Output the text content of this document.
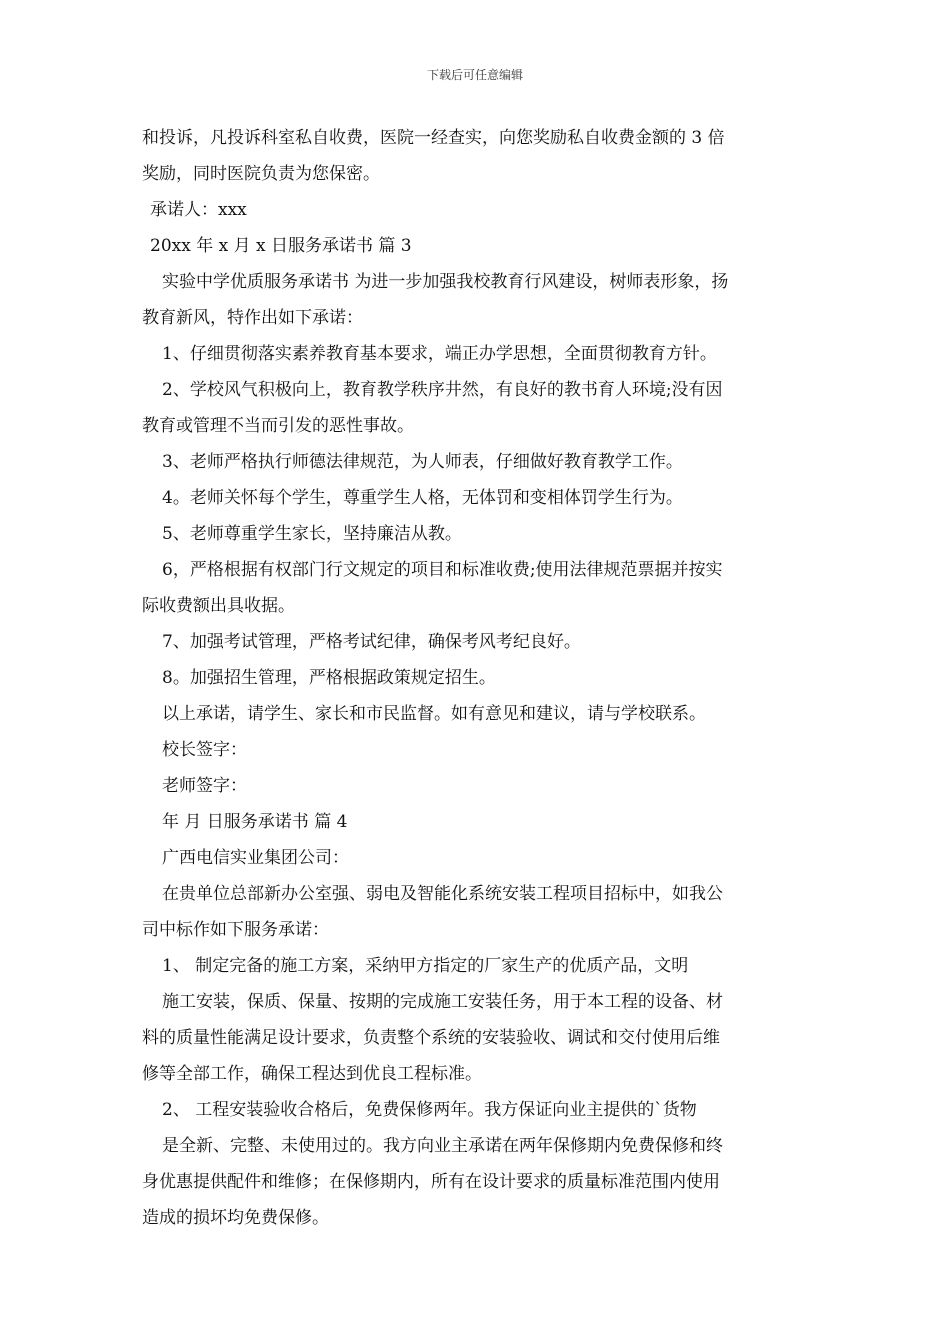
下载后可任意编辑
和投诉，凡投诉科室私自收费，医院一经查实，向您奖励私自收费金额的 3 倍
奖励，同时医院负责为您保密。
承诺人：xxx
20xx 年 x 月 x 日服务承诺书 篇 3
实验中学优质服务承诺书 为进一步加强我校教育行风建设，树师表形象，扬
教育新风，特作出如下承诺：
1、仔细贯彻落实素养教育基本要求，端正办学思想，全面贯彻教育方针。
2、学校风气积极向上，教育教学秩序井然，有良好的教书育人环境;没有因
教育或管理不当而引发的恶性事故。
3、老师严格执行师德法律规范，为人师表，仔细做好教育教学工作。
4。老师关怀每个学生，尊重学生人格，无体罚和变相体罚学生行为。
5、老师尊重学生家长，坚持廉洁从教。
6，严格根据有权部门行文规定的项目和标准收费;使用法律规范票据并按实
际收费额出具收据。
7、加强考试管理，严格考试纪律，确保考风考纪良好。
8。加强招生管理，严格根据政策规定招生。
以上承诺，请学生、家长和市民监督。如有意见和建议，请与学校联系。
校长签字：
老师签字：
年 月 日服务承诺书 篇 4
广西电信实业集团公司：
在贵单位总部新办公室强、弱电及智能化系统安装工程项目招标中，如我公
司中标作如下服务承诺：
1、 制定完备的施工方案，采纳甲方指定的厂家生产的优质产品，文明
施工安装，保质、保量、按期的完成施工安装任务，用于本工程的设备、材
料的质量性能满足设计要求，负责整个系统的安装验收、调试和交付使用后维
修等全部工作，确保工程达到优良工程标准。
2、 工程安装验收合格后，免费保修两年。我方保证向业主提供的`货物
是全新、完整、未使用过的。我方向业主承诺在两年保修期内免费保修和终
身优惠提供配件和维修；在保修期内，所有在设计要求的质量标准范围内使用
造成的损坏均免费保修。
